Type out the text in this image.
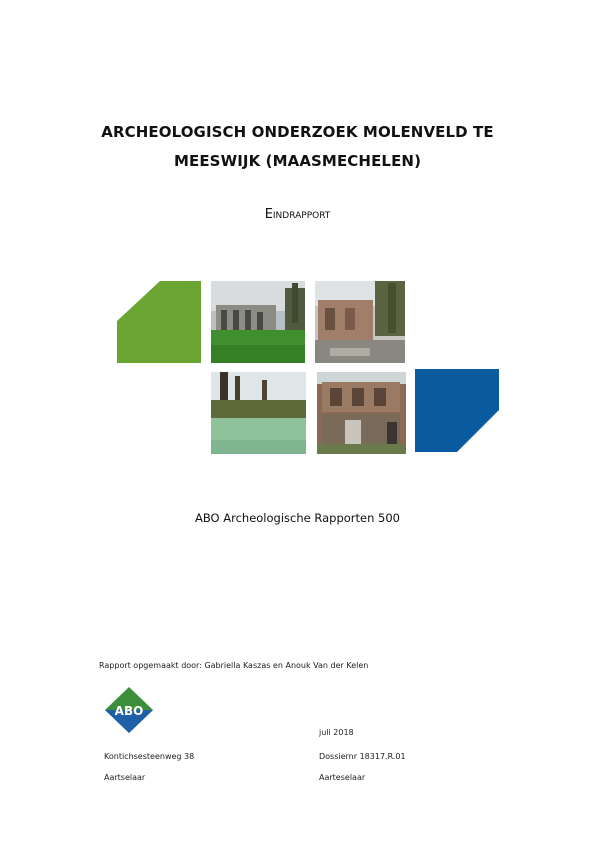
ARCHEOLOGISCH ONDERZOEK MOLENVELD TE
MEESWIJK (MAASMECHELEN)
Eindrapport
ABO Archeologische Rapporten 500
Rapport opgemaakt door: Gabriella Kaszas en Anouk Van der Kelen
ABO
juli 2018
Kontichsesteenweg 38	Dossiernr 18317.R.01
Aartselaar	Aarteselaar
